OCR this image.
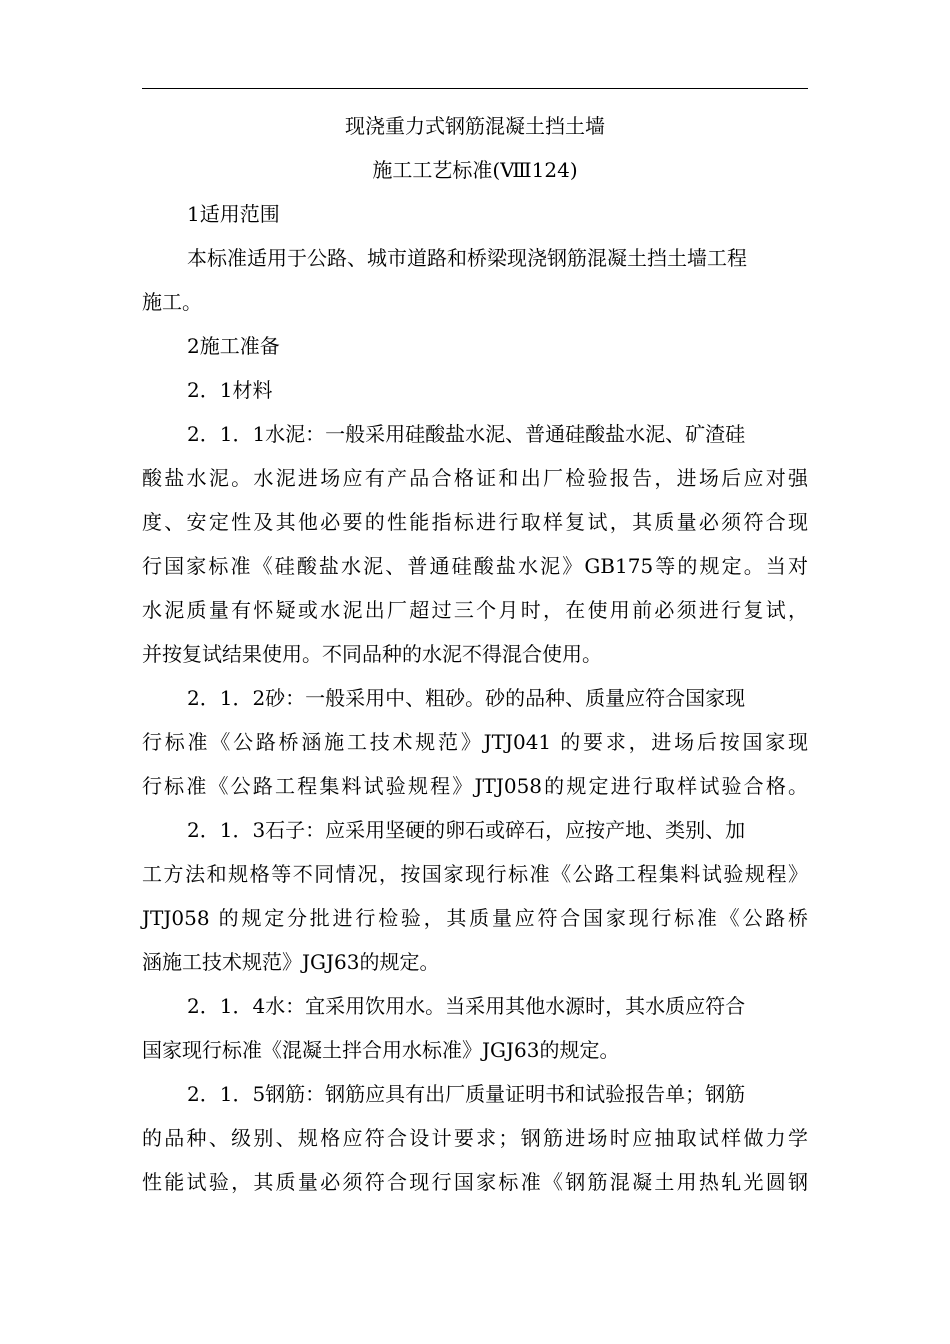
现浇重力式钢筋混凝土挡土墙
施工工艺标准(Ⅷ124)
1适用范围
本标准适用于公路、城市道路和桥梁现浇钢筋混凝土挡土墙工程
施工。
2施工准备
2．1材料
2．1．1水泥：一般采用硅酸盐水泥、普通硅酸盐水泥、矿渣硅
酸盐水泥。水泥进场应有产品合格证和出厂检验报告，进场后应对强
度、安定性及其他必要的性能指标进行取样复试，其质量必须符合现
行国家标准《硅酸盐水泥、普通硅酸盐水泥》GB175等的规定。当对
水泥质量有怀疑或水泥出厂超过三个月时，在使用前必须进行复试，
并按复试结果使用。不同品种的水泥不得混合使用。
2．1．2砂：一般采用中、粗砂。砂的品种、质量应符合国家现
行标准《公路桥涵施工技术规范》JTJ041 的要求，进场后按国家现
行标准《公路工程集料试验规程》JTJ058的规定进行取样试验合格。
2．1．3石子：应采用坚硬的卵石或碎石，应按产地、类别、加
工方法和规格等不同情况，按国家现行标准《公路工程集料试验规程》
JTJ058 的规定分批进行检验，其质量应符合国家现行标准《公路桥
涵施工技术规范》JGJ63的规定。
2．1．4水：宜采用饮用水。当采用其他水源时，其水质应符合
国家现行标准《混凝土拌合用水标准》JGJ63的规定。
2．1．5钢筋：钢筋应具有出厂质量证明书和试验报告单；钢筋
的品种、级别、规格应符合设计要求；钢筋进场时应抽取试样做力学
性能试验，其质量必须符合现行国家标准《钢筋混凝土用热轧光圆钢
